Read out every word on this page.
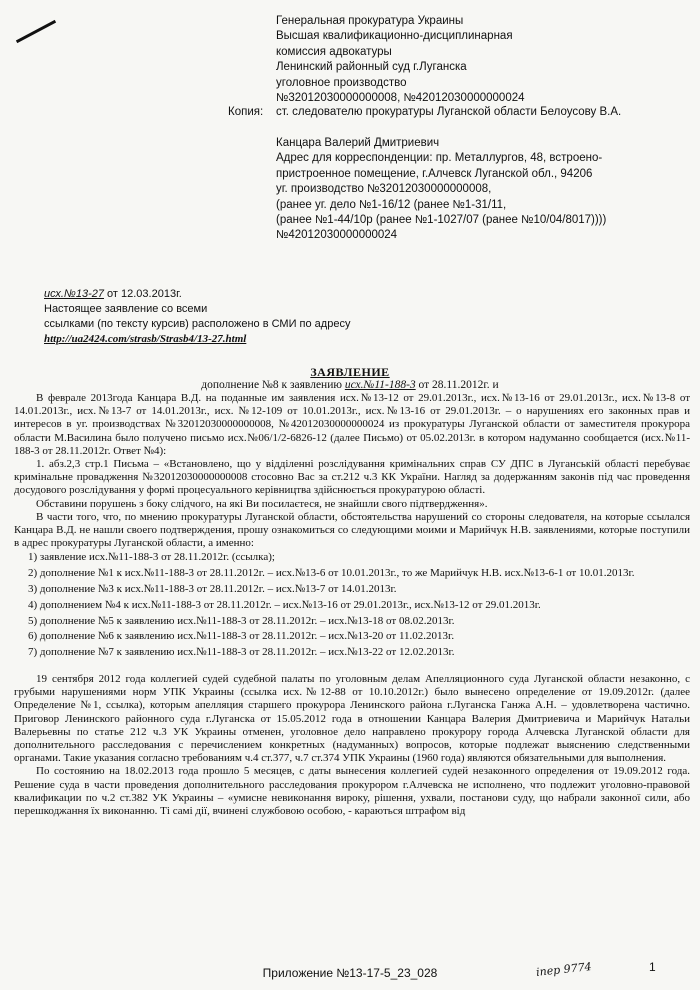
Генеральная прокуратура Украины
Высшая квалификационно-дисциплинарная
комиссия адвокатуры
Ленинский районный суд г.Луганска
уголовное производство
№32012030000000008, №42012030000000024
Копия: ст. следователю прокуратуры Луганской области Белоусову В.А.
Канцара Валерий Дмитриевич
Адрес для корреспонденции: пр. Металлургов, 48, встроено-
пристроенное помещение, г.Алчевск Луганской обл., 94206
уг. производство №32012030000000008,
(ранее уг. дело №1-16/12 (ранее №1-31/11,
(ранее №1-44/10р (ранее №1-1027/07 (ранее №10/04/8017))))
№42012030000000024
исх.№13-27 от 12.03.2013г.
Настоящее заявление со всеми
ссылками (по тексту курсив) расположено в СМИ по адресу
http://ua2424.com/strasb/Strasb4/13-27.html
ЗАЯВЛЕНИЕ
дополнение №8 к заявлению исх.№11-188-3 от 28.11.2012г. и

В феврале 2013года Канцара В.Д. на поданные им заявления исх.№13-12 от 29.01.2013г., исх.№13-16 от 29.01.2013г., исх.№13-8 от 14.01.2013г., исх.№13-7 от 14.01.2013г., исх. №12-109 от 10.01.2013г., исх.№13-16 от 29.01.2013г. – о нарушениях его законных прав и интересов в уг. производствах №32012030000000008, №42012030000000024 из прокуратуры Луганской области от заместителя прокурора области М.Василина было получено письмо исх.№06/1/2-6826-12 (далее Письмо) от 05.02.2013г. в котором надуманно сообщается (исх.№11-188-3 от 28.11.2012г. Ответ №4):

1. абз.2,3 стр.1 Письма – «Встановлено, що у відділенні розслідування кримінальних справ СУ ДПС в Луганській області перебуває кримінальне провадження №32012030000000008 стосовно Вас за ст.212 ч.3 КК України. Нагляд за додержанням законів під час проведення досудового розслідування у формі процесуального керівництва здійснюється прокуратурою області.

Обставини порушень з боку слідчого, на які Ви посилаєтеся, не знайшли свого підтвердження».

В части того, что, по мнению прокуратуры Луганской области, обстоятельства нарушений со стороны следователя, на которые ссылался Канцара В.Д. не нашли своего подтверждения, прошу ознакомиться со следующими моими и Марийчук Н.В. заявлениями, которые поступили в адрес прокуратуры Луганской области, а именно:

1) заявление исх.№11-188-3 от 28.11.2012г. (ссылка);

2) дополнение №1 к исх.№11-188-3 от 28.11.2012г. – исх.№13-6 от 10.01.2013г., то же Марийчук Н.В. исх.№13-6-1 от 10.01.2013г.

3) дополнение №3 к исх.№11-188-3 от 28.11.2012г. – исх.№13-7 от 14.01.2013г.

4) дополнением №4 к исх.№11-188-3 от 28.11.2012г. – исх.№13-16 от 29.01.2013г., исх.№13-12 от 29.01.2013г.

5) дополнение №5 к заявлению исх.№11-188-3 от 28.11.2012г. – исх.№13-18 от 08.02.2013г.

6) дополнение №6 к заявлению исх.№11-188-3 от 28.11.2012г. – исх.№13-20 от 11.02.2013г.

7) дополнение №7 к заявлению исх.№11-188-3 от 28.11.2012г. – исх.№13-22 от 12.02.2013г.

19 сентября 2012 года коллегией судей судебной палаты по уголовным делам Апелляционного суда Луганской области незаконно, с грубыми нарушениями норм УПК Украины (ссылка исх.№12-88 от 10.10.2012г.) было вынесено определение от 19.09.2012г. (далее Определение №1, ссылка), которым апелляция старшего прокурора Ленинского района г.Луганска Ганжа А.Н. – удовлетворена частично. Приговор Ленинского районного суда г.Луганска от 15.05.2012 года в отношении Канцара Валерия Дмитриевича и Марийчук Натальи Валерьевны по статье 212 ч.3 УК Украины отменен, уголовное дело направлено прокурору города Алчевска Луганской области для дополнительного расследования с перечислением конкретных (надуманных) вопросов, которые подлежат выяснению следственными органами. Такие указания согласно требованиям ч.4 ст.377, ч.7 ст.374 УПК Украины (1960 года) являются обязательными для выполнения.

По состоянию на 18.02.2013 года прошло 5 месяцев, с даты вынесения коллегией судей незаконного определения от 19.09.2012 года. Решение суда в части проведения дополнительного расследования прокурором г.Алчевска не исполнено, что подлежит уголовно-правовой квалификации по ч.2 ст.382 УК Украины – «умисне невиконання вироку, рішення, ухвали, постанови суду, що набрали законної сили, або перешкоджання їх виконанню. Ті самі дії, вчинені службовою особою, - караються штрафом від

іпер 9774	1
Приложение №13-17-5_23_028
